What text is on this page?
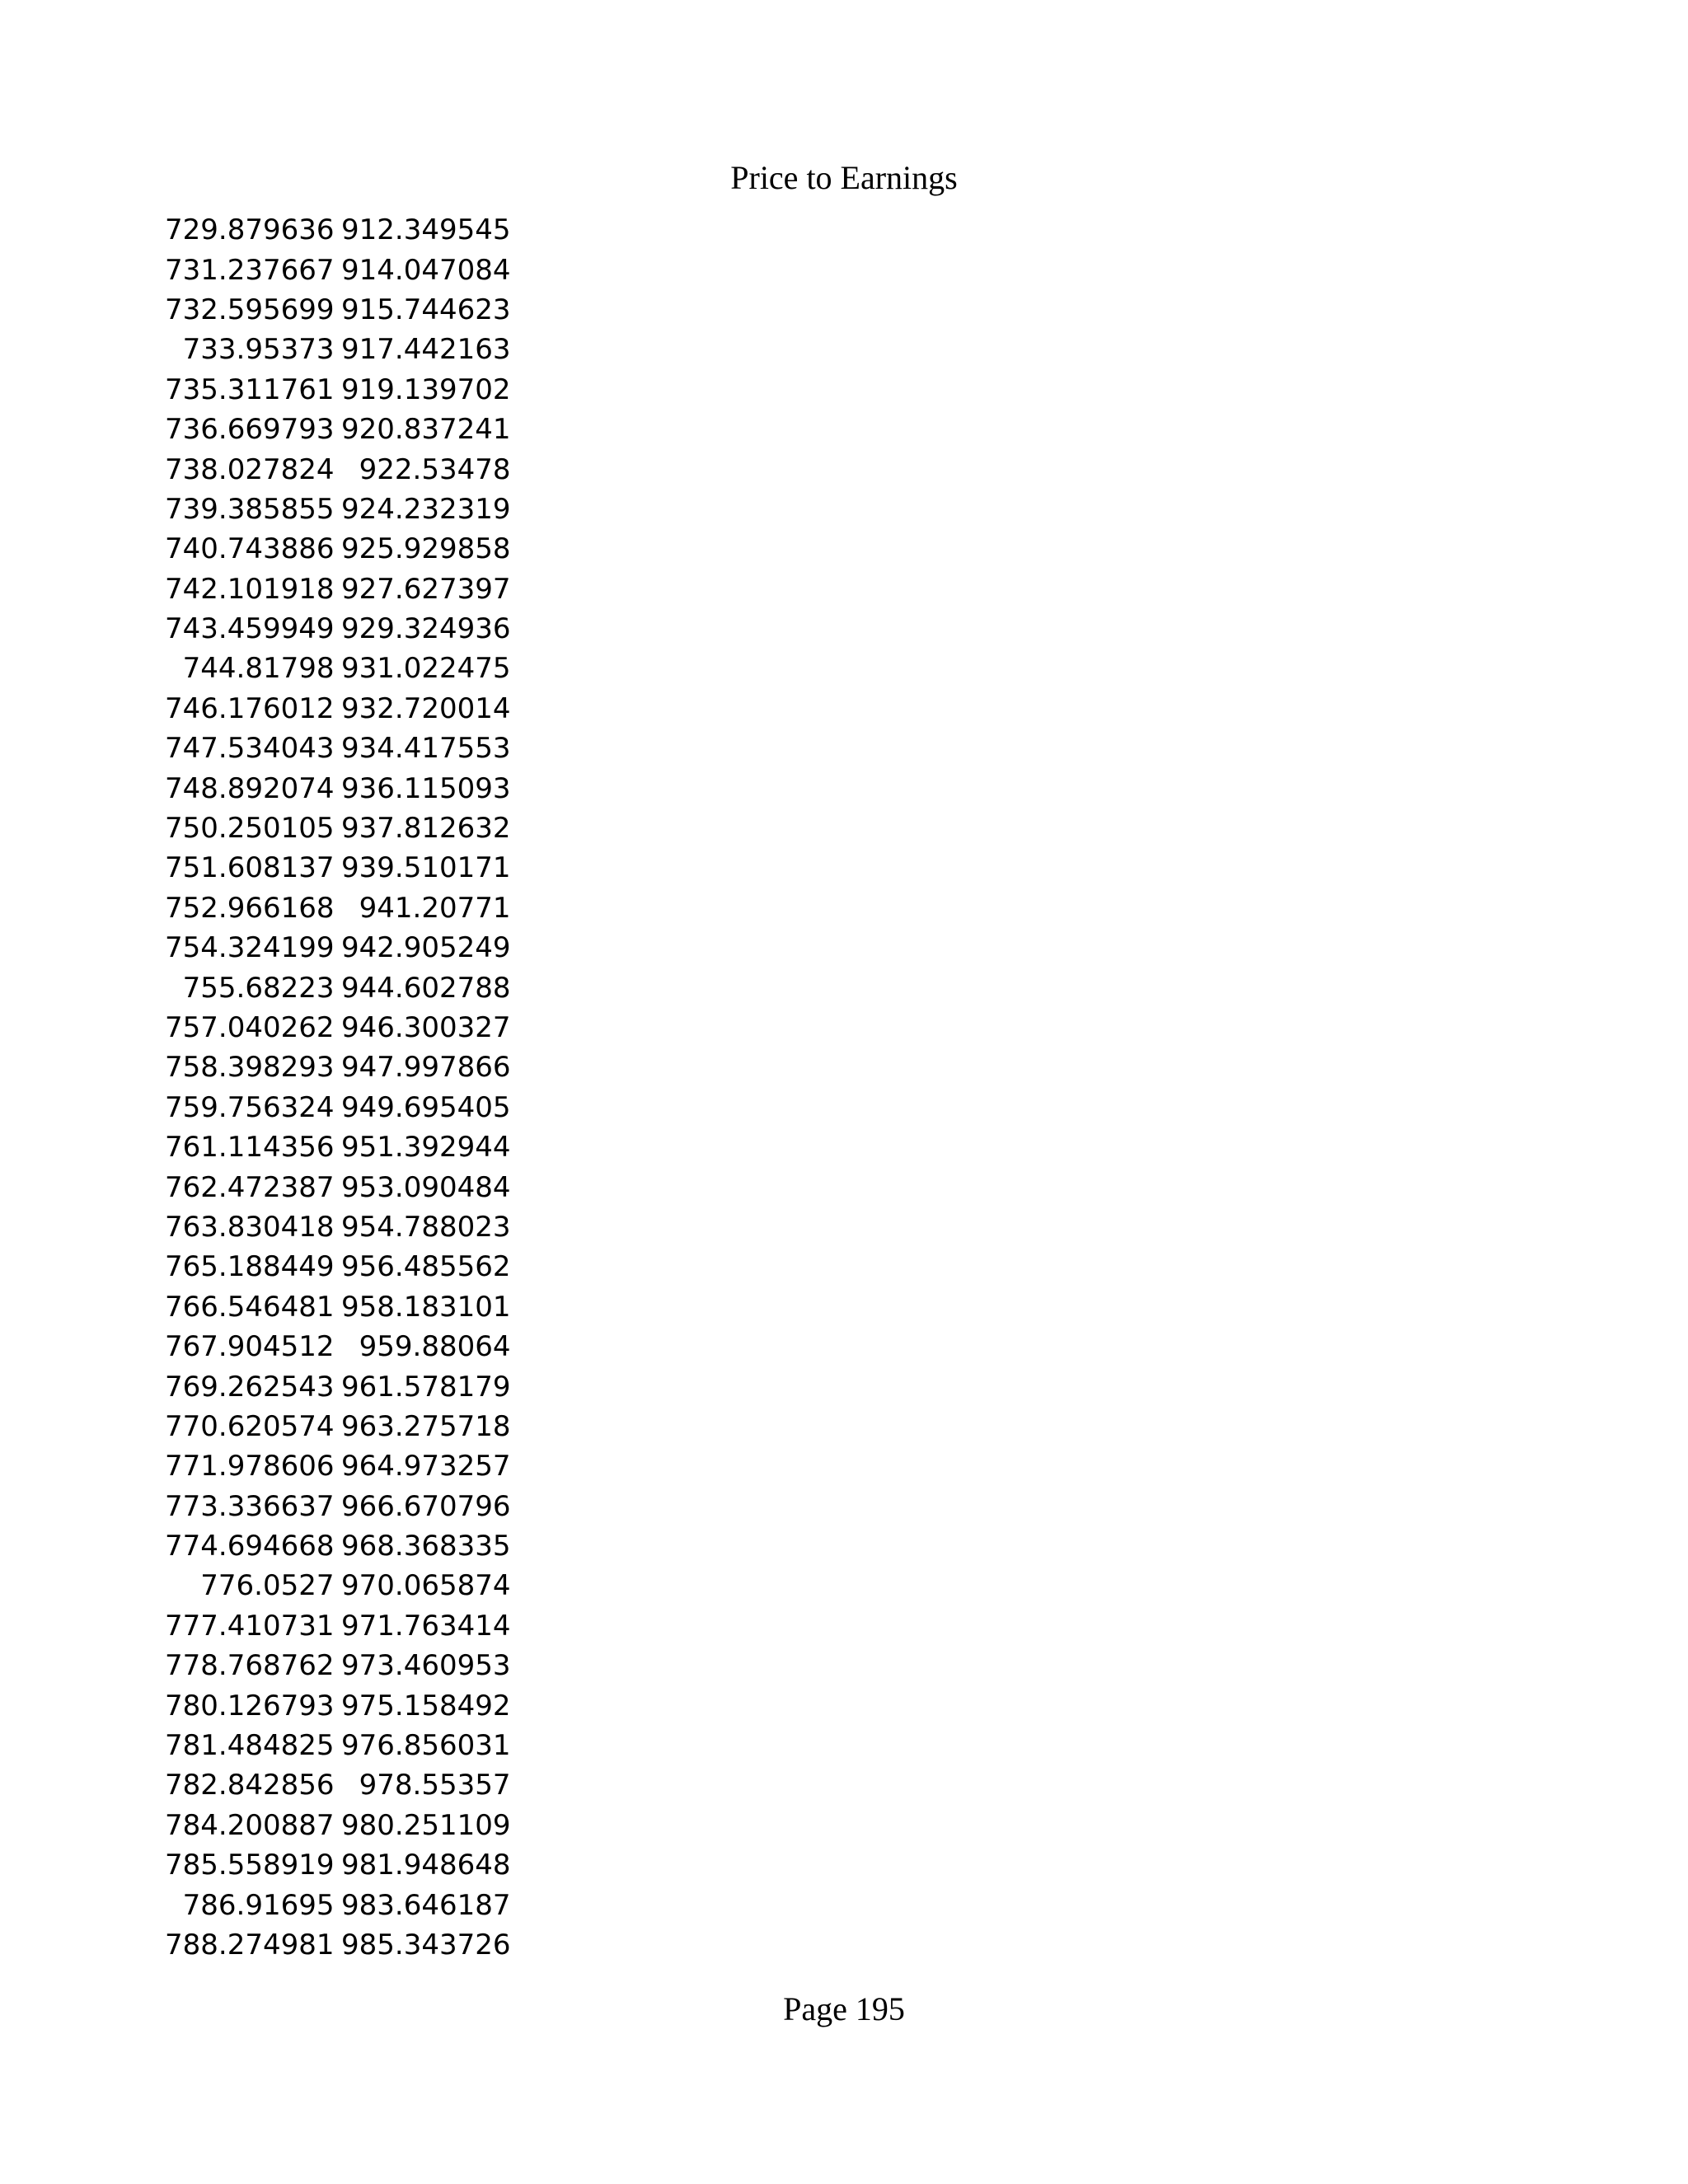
Price to Earnings
729.879636	912.349545
731.237667	914.047084
732.595699	915.744623
733.95373	917.442163
735.311761	919.139702
736.669793	920.837241
738.027824	922.53478
739.385855	924.232319
740.743886	925.929858
742.101918	927.627397
743.459949	929.324936
744.81798	931.022475
746.176012	932.720014
747.534043	934.417553
748.892074	936.115093
750.250105	937.812632
751.608137	939.510171
752.966168	941.20771
754.324199	942.905249
755.68223	944.602788
757.040262	946.300327
758.398293	947.997866
759.756324	949.695405
761.114356	951.392944
762.472387	953.090484
763.830418	954.788023
765.188449	956.485562
766.546481	958.183101
767.904512	959.88064
769.262543	961.578179
770.620574	963.275718
771.978606	964.973257
773.336637	966.670796
774.694668	968.368335
776.0527	970.065874
777.410731	971.763414
778.768762	973.460953
780.126793	975.158492
781.484825	976.856031
782.842856	978.55357
784.200887	980.251109
785.558919	981.948648
786.91695	983.646187
788.274981	985.343726
Page 195
